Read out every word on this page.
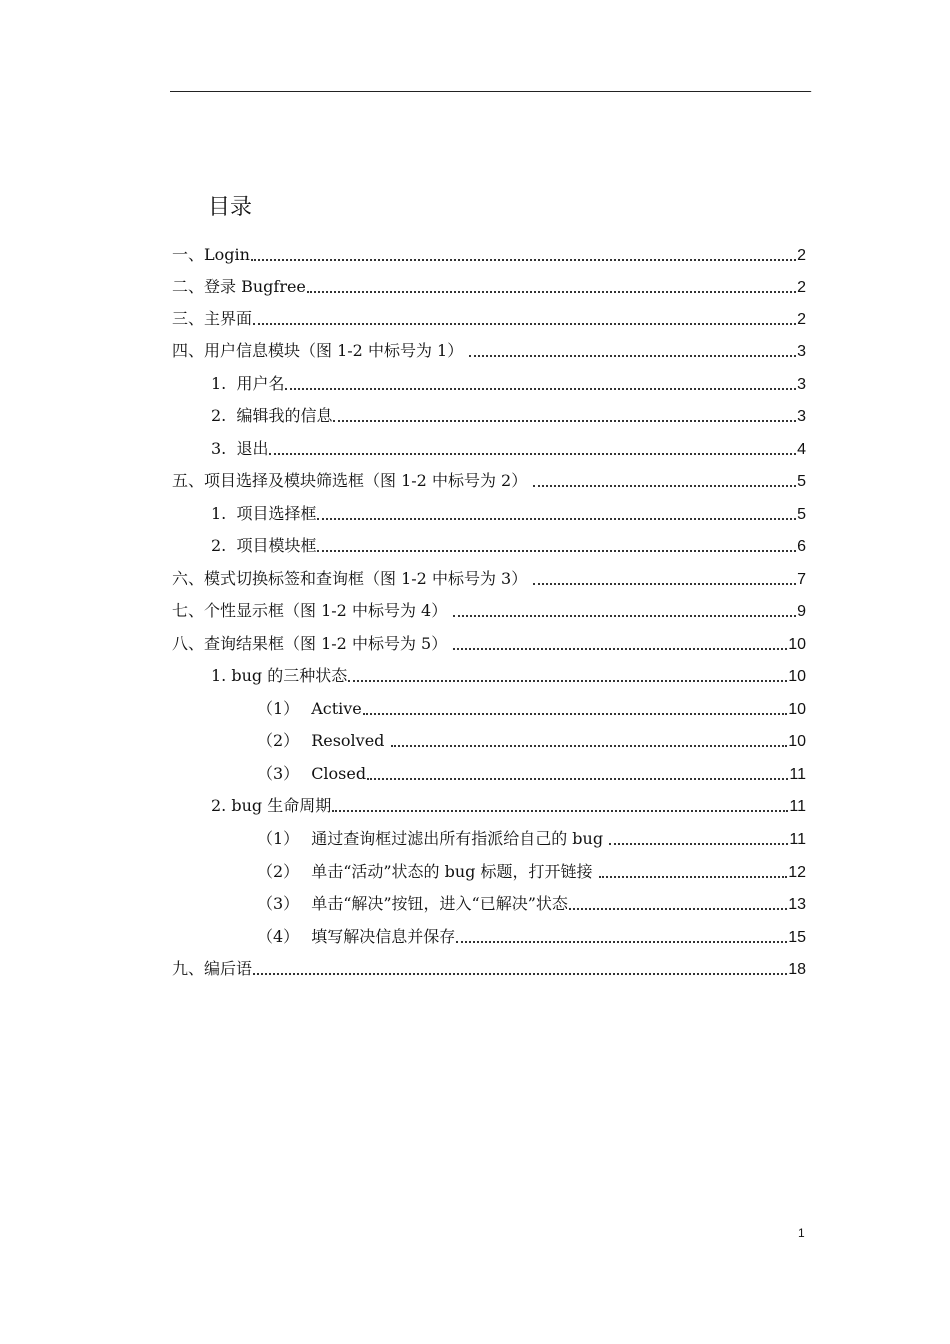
.
目录
一、Login	2
二、登录 Bugfree	2
三、主界面	2
四、用户信息模块（图 1-2 中标号为 1）	3
1.  用户名	3
2.  编辑我的信息	3
3.  退出	4
五、项目选择及模块筛选框（图 1-2 中标号为 2）	5
1.  项目选择框	5
2.  项目模块框	6
六、模式切换标签和查询框（图 1-2 中标号为 3）	7
七、个性显示框（图 1-2 中标号为 4）	9
八、查询结果框（图 1-2 中标号为 5）	10
1. bug 的三种状态	10
（1） Active	10
（2） Resolved	10
（3） Closed	11
2. bug 生命周期	11
（1） 通过查询框过滤出所有指派给自己的 bug	11
（2） 单击“活动”状态的 bug 标题，打开链接	12
（3） 单击“解决”按钮，进入“已解决”状态	13
（4） 填写解决信息并保存	15
九、编后语	18
1
